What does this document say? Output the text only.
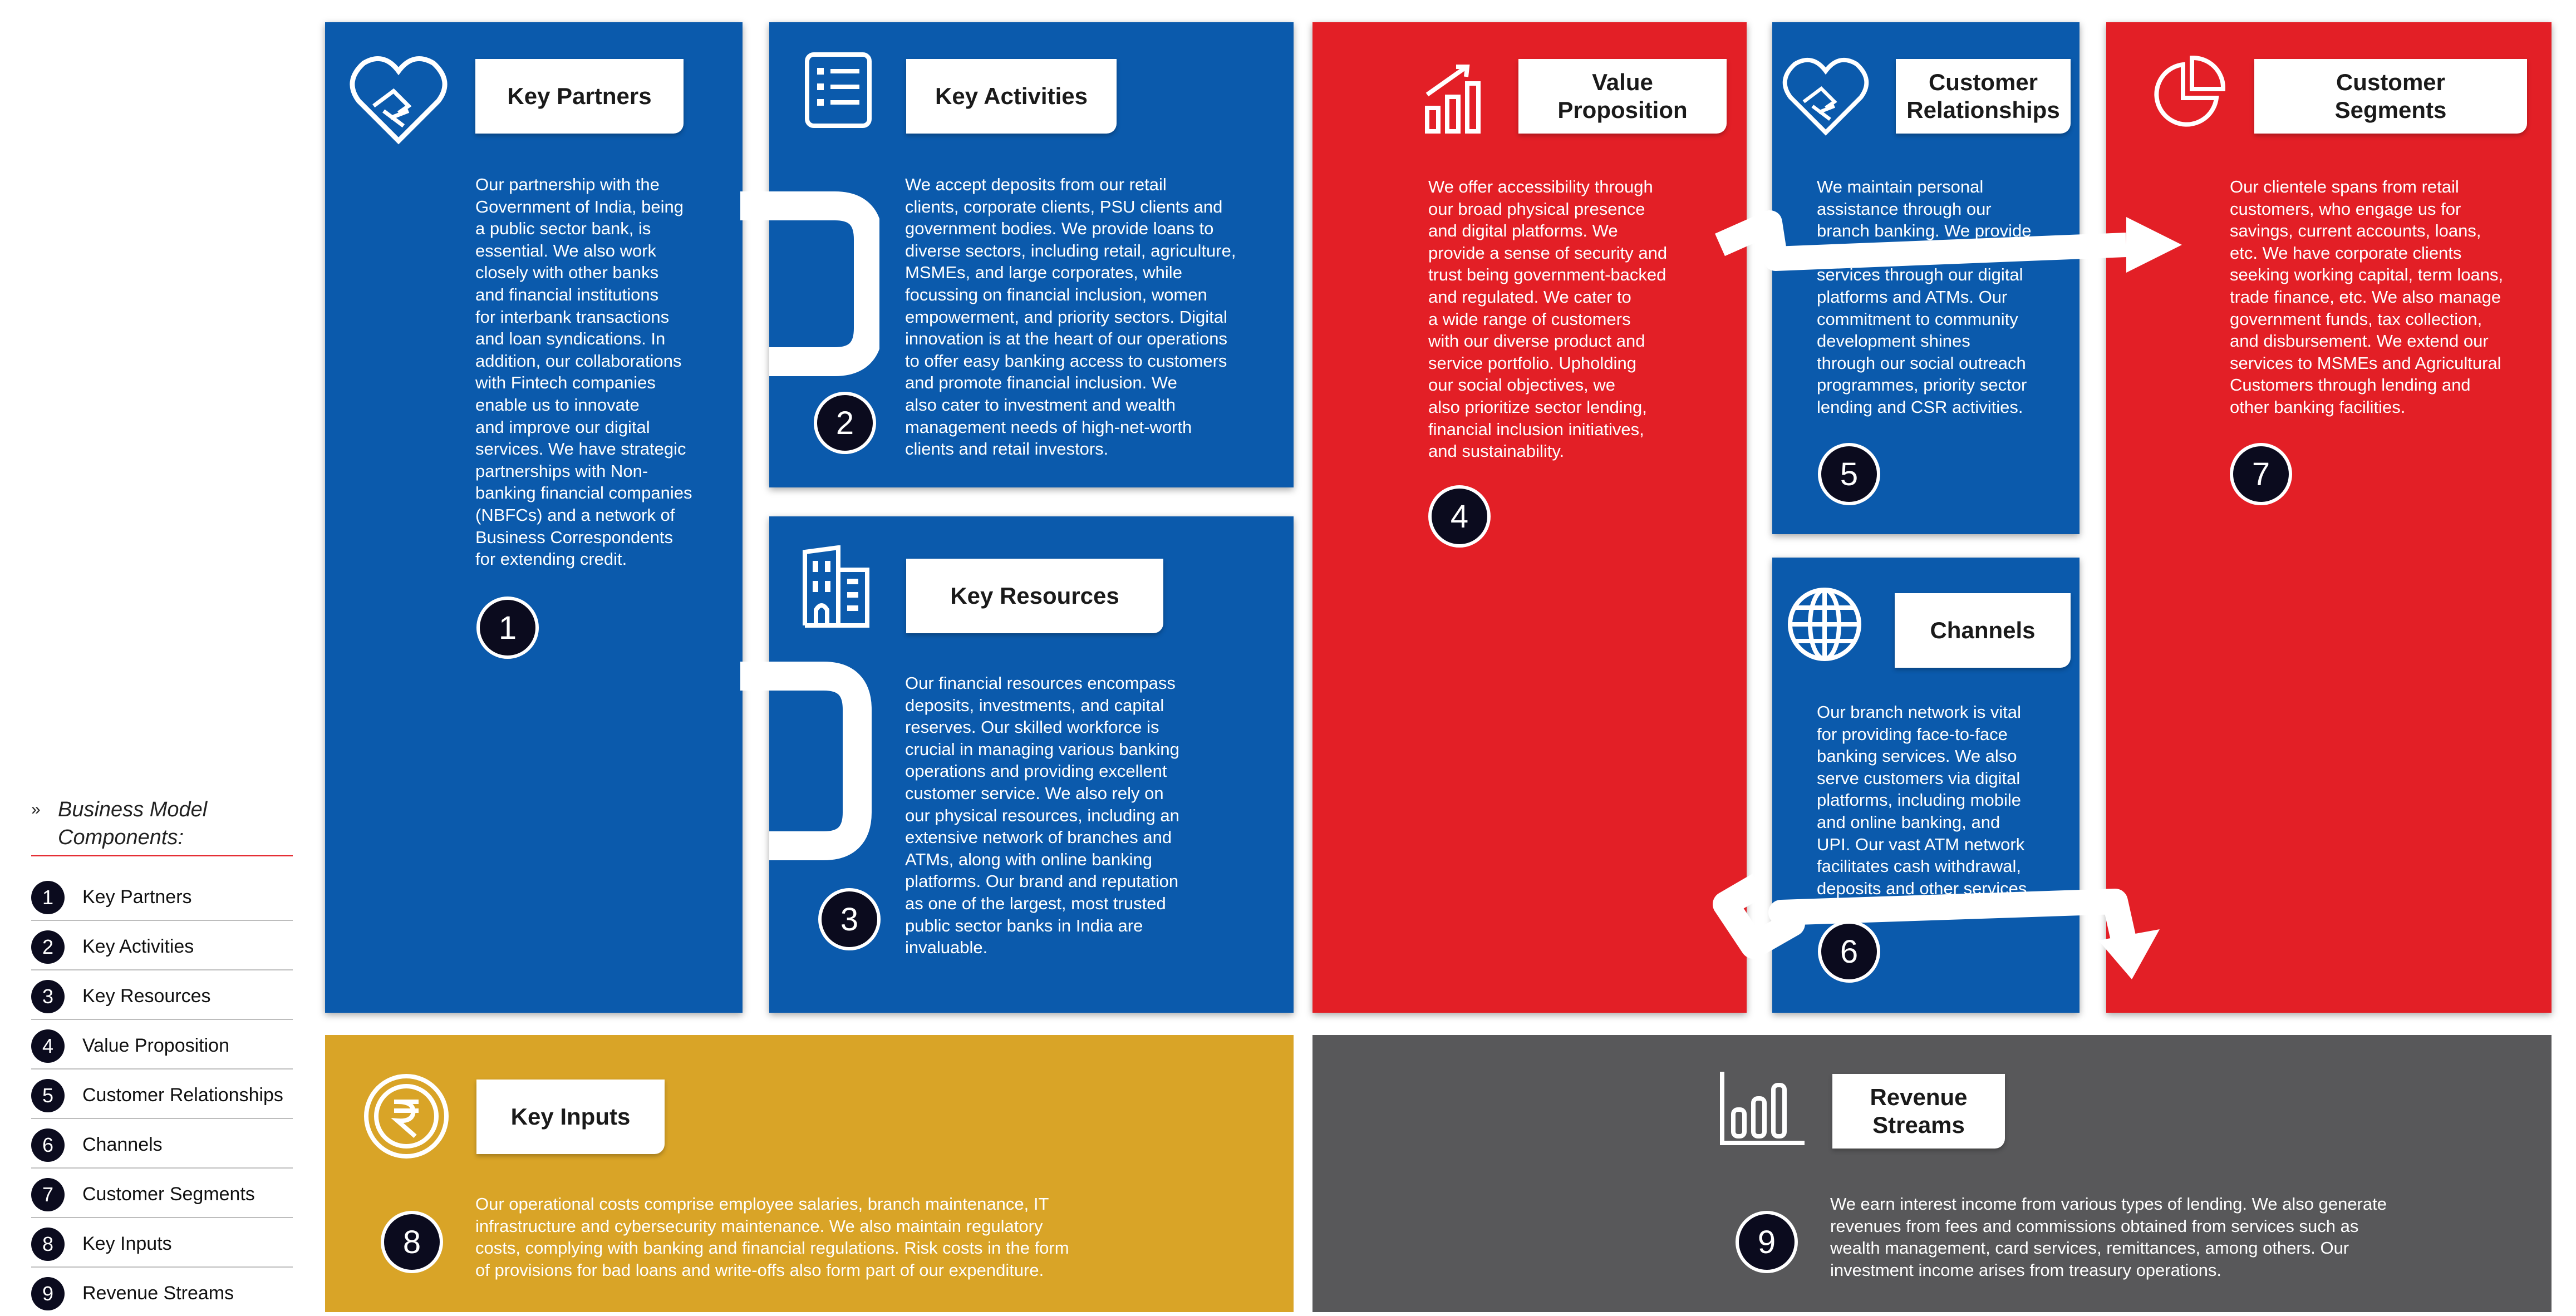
» Business Model Components:
1	Key Partners
2	Key Activities
3	Key Resources
4	Value Proposition
5	Customer Relationships
6	Channels
7	Customer Segments
8	Key Inputs
9	Revenue Streams
Key Partners	Key Activities
Key Resources
Value
Proposition
Customer
Relationships
Channels
Customer
Segments
Key Inputs
Revenue
Streams
Our partnership with the
Government of India, being
a public sector bank, is
essential. We also work
closely with other banks
and financial institutions
for interbank transactions
and loan syndications. In
addition, our collaborations
with Fintech companies
enable us to innovate
and improve our digital
services. We have strategic
partnerships with Non-
banking financial companies
(NBFCs) and a network of
Business Correspondents
for extending credit.
We accept deposits from our retail
clients, corporate clients, PSU clients and
government bodies. We provide loans to
diverse sectors, including retail, agriculture,
MSMEs, and large corporates, while
focussing on financial inclusion, women
empowerment, and priority sectors. Digital
innovation is at the heart of our operations
to offer easy banking access to customers
and promote financial inclusion. We
also cater to investment and wealth
management needs of high-net-worth
clients and retail investors.
Our financial resources encompass
deposits, investments, and capital
reserves. Our skilled workforce is
crucial in managing various banking
operations and providing excellent
customer service. We also rely on
our physical resources, including an
extensive network of branches and
ATMs, along with online banking
platforms. Our brand and reputation
as one of the largest, most trusted
public sector banks in India are
invaluable.
We offer accessibility through
our broad physical presence
and digital platforms. We
provide a sense of security and
trust being government-backed
and regulated. We cater to
a wide range of customers
with our diverse product and
service portfolio. Upholding
our social objectives, we
also prioritize sector lending,
financial inclusion initiatives,
and sustainability.
We maintain personal
assistance through our
branch banking. We provide
self-service and automated
services through our digital
platforms and ATMs. Our
commitment to community
development shines
through our social outreach
programmes, priority sector
lending and CSR activities.
Our branch network is vital
for providing face-to-face
banking services. We also
serve customers via digital
platforms, including mobile
and online banking, and
UPI. Our vast ATM network
facilitates cash withdrawal,
deposits and other services.
Our clientele spans from retail
customers, who engage us for
savings, current accounts, loans,
etc. We have corporate clients
seeking working capital, term loans,
trade finance, etc. We also manage
government funds, tax collection,
and disbursement. We extend our
services to MSMEs and Agricultural
Customers through lending and
other banking facilities.
Our operational costs comprise employee salaries, branch maintenance, IT
infrastructure and cybersecurity maintenance. We also maintain regulatory
costs, complying with banking and financial regulations. Risk costs in the form
of provisions for bad loans and write-offs also form part of our expenditure.
We earn interest income from various types of lending. We also generate
revenues from fees and commissions obtained from services such as
wealth management, card services, remittances, among others. Our
investment income arises from treasury operations.
1
2
3
4
5
6
7
8	9
